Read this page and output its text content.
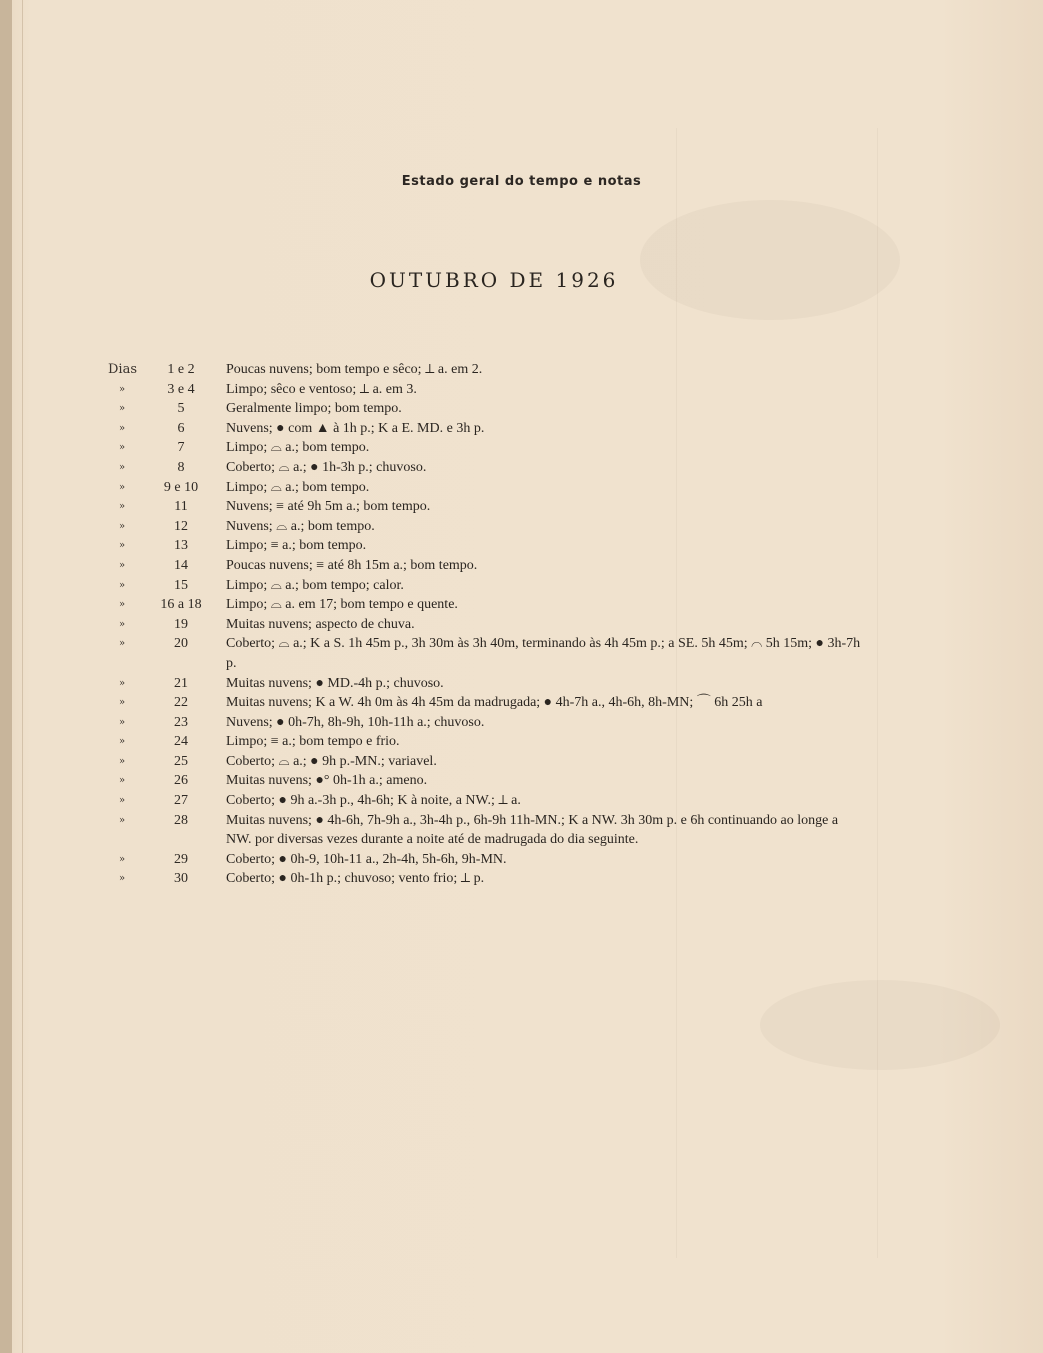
Estado geral do tempo e notas
OUTUBRO DE 1926
Dias	1 e 2	Poucas nuvens; bom tempo e sêco; ⟂ a. em 2.
»	3 e 4	Limpo; sêco e ventoso; ⟂ a. em 3.
»	5	Geralmente limpo; bom tempo.
»	6	Nuvens; ● com ▲ à 1h p.; K a E. MD. e 3h p.
»	7	Limpo; ⌓ a.; bom tempo.
»	8	Coberto; ⌓ a.; ● 1h-3h p.; chuvoso.
»	9 e 10	Limpo; ⌓ a.; bom tempo.
»	11	Nuvens; ≡ até 9h 5m a.; bom tempo.
»	12	Nuvens; ⌓ a.; bom tempo.
»	13	Limpo; ≡ a.; bom tempo.
»	14	Poucas nuvens; ≡ até 8h 15m a.; bom tempo.
»	15	Limpo; ⌓ a.; bom tempo; calor.
»	16 a 18	Limpo; ⌓ a. em 17; bom tempo e quente.
»	19	Muitas nuvens; aspecto de chuva.
»	20	Coberto; ⌓ a.; K a S. 1h 45m p., 3h 30m às 3h 40m, terminando às 4h 45m p.; a SE. 5h 45m; ⌒ 5h 15m; ● 3h-7h p.
»	21	Muitas nuvens; ● MD.-4h p.; chuvoso.
»	22	Muitas nuvens; K a W. 4h 0m às 4h 45m da madrugada; ● 4h-7h a., 4h-6h, 8h-MN; ⌒ 6h 25h a
»	23	Nuvens; ● 0h-7h, 8h-9h, 10h-11h a.; chuvoso.
»	24	Limpo; ≡ a.; bom tempo e frio.
»	25	Coberto; ⌓ a.; ● 9h p.-MN.; variavel.
»	26	Muitas nuvens; ●° 0h-1h a.; ameno.
»	27	Coberto; ● 9h a.-3h p., 4h-6h; K à noite, a NW.; ⟂ a.
»	28	Muitas nuvens; ● 4h-6h, 7h-9h a., 3h-4h p., 6h-9h 11h-MN.; K a NW. 3h 30m p. e 6h continuando ao longe a NW. por diversas vezes durante a noite até de madrugada do dia seguinte.
»	29	Coberto; ● 0h-9, 10h-11 a., 2h-4h, 5h-6h, 9h-MN.
»	30	Coberto; ● 0h-1h p.; chuvoso; vento frio; ⟂ p.
